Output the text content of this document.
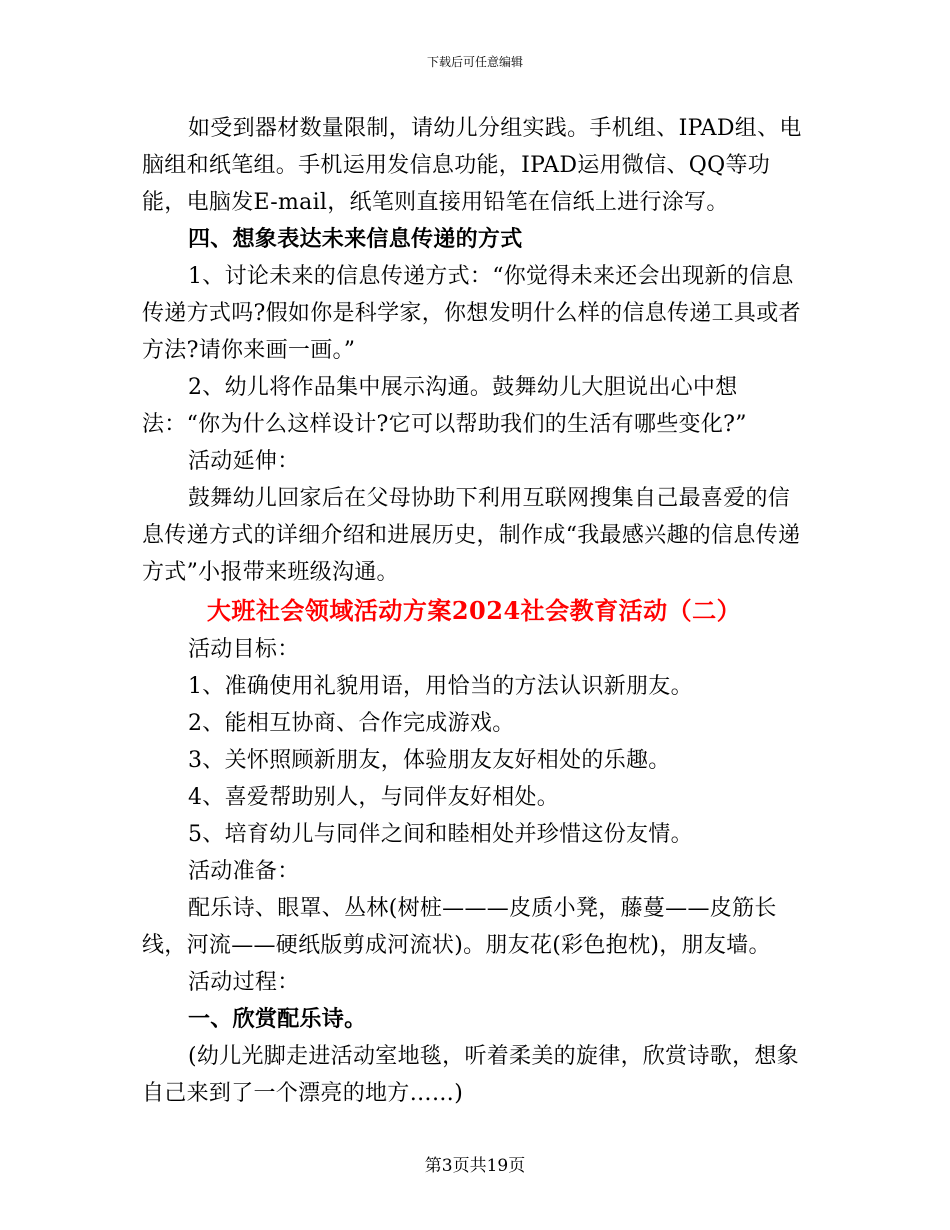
下载后可任意编辑

如受到器材数量限制，请幼儿分组实践。手机组、IPAD组、电脑组和纸笔组。手机运用发信息功能，IPAD运用微信、QQ等功能，电脑发E-mail，纸笔则直接用铅笔在信纸上进行涂写。

四、想象表达未来信息传递的方式

1、讨论未来的信息传递方式：“你觉得未来还会出现新的信息传递方式吗?假如你是科学家，你想发明什么样的信息传递工具或者方法?请你来画一画。”

2、幼儿将作品集中展示沟通。鼓舞幼儿大胆说出心中想法：“你为什么这样设计?它可以帮助我们的生活有哪些变化?”

活动延伸：

鼓舞幼儿回家后在父母协助下利用互联网搜集自己最喜爱的信息传递方式的详细介绍和进展历史，制作成“我最感兴趣的信息传递方式”小报带来班级沟通。

大班社会领域活动方案2024社会教育活动（二）

活动目标：

1、准确使用礼貌用语，用恰当的方法认识新朋友。

2、能相互协商、合作完成游戏。

3、关怀照顾新朋友，体验朋友友好相处的乐趣。

4、喜爱帮助别人，与同伴友好相处。

5、培育幼儿与同伴之间和睦相处并珍惜这份友情。

活动准备：

配乐诗、眼罩、丛林(树桩———皮质小凳，藤蔓——皮筋长线，河流——硬纸版剪成河流状)。朋友花(彩色抱枕)，朋友墙。

活动过程：

一、欣赏配乐诗。

(幼儿光脚走进活动室地毯，听着柔美的旋律，欣赏诗歌，想象自己来到了一个漂亮的地方……)

第3页共19页
